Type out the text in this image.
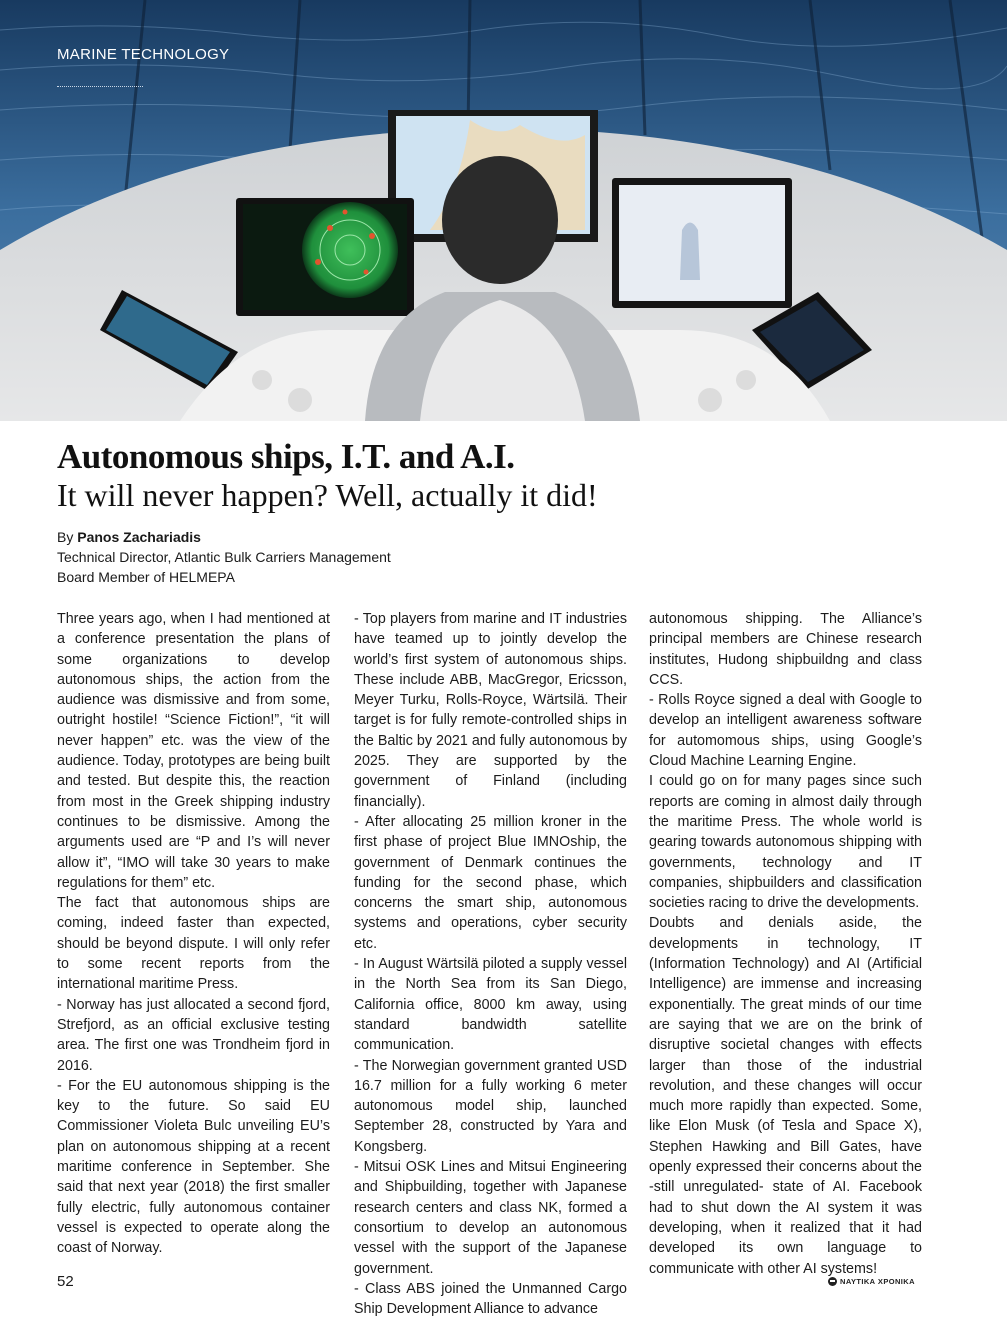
MARINE TECHNOLOGY
Autonomous ships, I.T. and A.I.
It will never happen? Well, actually it did!
By Panos Zachariadis
Technical Director, Atlantic Bulk Carriers Management
Board Member of HELMEPA

Three years ago, when I had mentioned at a conference presentation the plans of some organizations to develop autonomous ships, the action from the audience was dismissive and from some, outright hostile! “Science Fiction!”, “it will never happen” etc. was the view of the audience. Today, prototypes are being built and tested. But despite this, the reaction from most in the Greek shipping industry continues to be dismissive. Among the arguments used are “P and I’s will never allow it”, “IMO will take 30 years to make regulations for them” etc.

The fact that autonomous ships are coming, indeed faster than expected, should be beyond dispute. I will only refer to some recent reports from the international maritime Press.

- Norway has just allocated a second fjord, Strefjord, as an official exclusive testing area. The first one was Trondheim fjord in 2016.

- For the EU autonomous shipping is the key to the future. So said EU Commissioner Violeta Bulc unveiling EU’s plan on autonomous shipping at a recent maritime conference in September. She said that next year (2018) the first smaller fully electric, fully autonomous container vessel is expected to operate along the coast of Norway.

- Top players from marine and IT industries have teamed up to jointly develop the world’s first system of autonomous ships. These include ABB, MacGregor, Ericsson, Meyer Turku, Rolls-Royce, Wärtsilä. Their target is for fully remote-controlled ships in the Baltic by 2021 and fully autonomous by 2025. They are supported by the government of Finland (including financially).

- After allocating 25 million kroner in the first phase of project Blue IMNOship, the government of Denmark continues the funding for the second phase, which concerns the smart ship, autonomous systems and operations, cyber security etc.

- In August Wärtsilä piloted a supply vessel in the North Sea from its San Diego, California office, 8000 km away, using standard bandwidth satellite communication.

- The Norwegian government granted USD 16.7 million for a fully working 6 meter autonomous model ship, launched September 28, constructed by Yara and Kongsberg.

- Mitsui OSK Lines and Mitsui Engineering and Shipbuilding, together with Japanese research centers and class NK, formed a consortium to develop an autonomous vessel with the support of the Japanese government.

- Class ABS joined the Unmanned Cargo Ship Development Alliance to advance

autonomous shipping. The Alliance’s principal members are Chinese research institutes, Hudong shipbuildng and class CCS.

- Rolls Royce signed a deal with Google to develop an intelligent awareness software for automomous ships, using Google’s Cloud Machine Learning Engine.

I could go on for many pages since such reports are coming in almost daily through the maritime Press. The whole world is gearing towards autonomous shipping with governments, technology and IT companies, shipbuilders and classification societies racing to drive the developments.

Doubts and denials aside, the developments in technology, IT (Information Technology) and AI (Artificial Intelligence) are immense and increasing exponentially. The great minds of our time are saying that we are on the brink of disruptive societal changes with effects larger than those of the industrial revolution, and these changes will occur much more rapidly than expected. Some, like Elon Musk (of Tesla and Space X), Stephen Hawking and Bill Gates, have openly expressed their concerns about the -still unregulated- state of AI. Facebook had to shut down the AI system it was developing, when it realized that it had developed its own language to communicate with other AI systems!

52	ΝΑΥΤΙΚΑ ΧΡΟΝΙΚΑ
